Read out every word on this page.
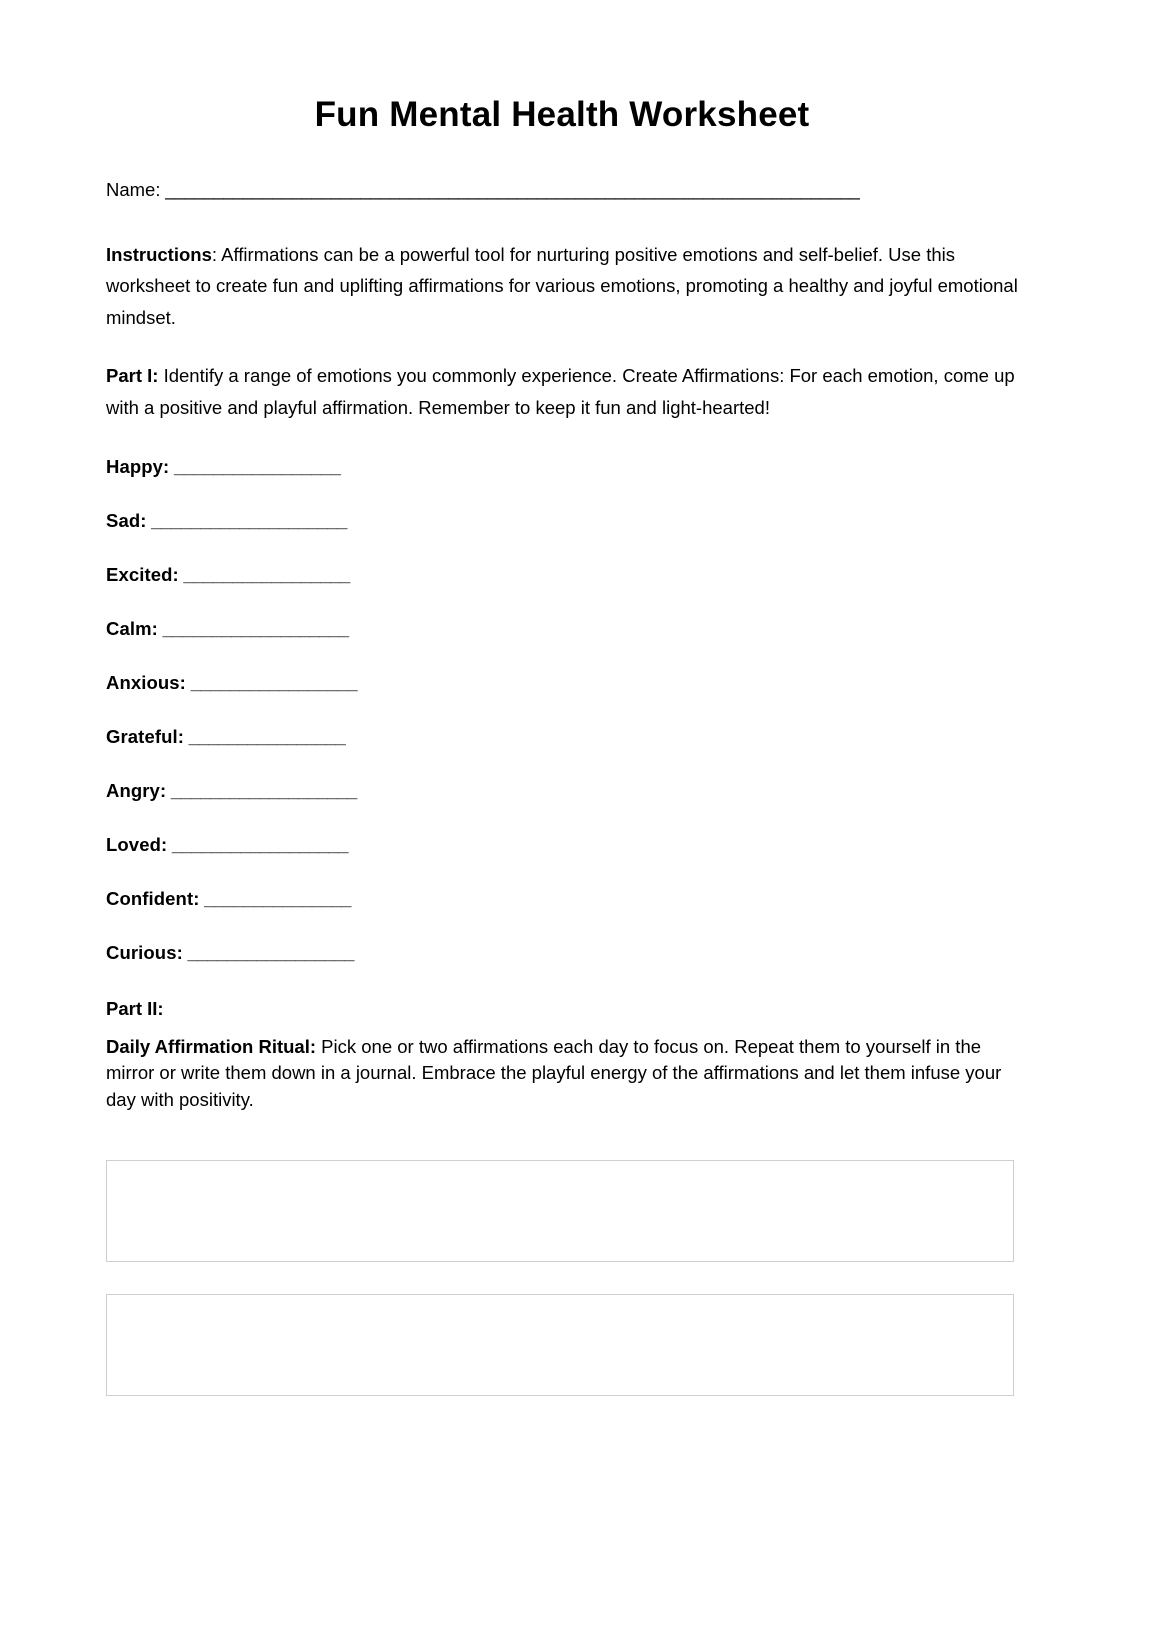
Fun Mental Health Worksheet
Name: _______________________________________________________________________

Instructions: Affirmations can be a powerful tool for nurturing positive emotions and self-belief. Use this worksheet to create fun and uplifting affirmations for various emotions, promoting a healthy and joyful emotional mindset.

Part I: Identify a range of emotions you commonly experience. Create Affirmations: For each emotion, come up with a positive and playful affirmation. Remember to keep it fun and light-hearted!

Happy: _________________
Sad: ____________________
Excited: _________________
Calm: ___________________
Anxious: _________________
Grateful: ________________
Angry: ___________________
Loved: __________________
Confident: _______________
Curious: _________________
Part II:

Daily Affirmation Ritual: Pick one or two affirmations each day to focus on. Repeat them to yourself in the mirror or write them down in a journal. Embrace the playful energy of the affirmations and let them infuse your day with positivity.
